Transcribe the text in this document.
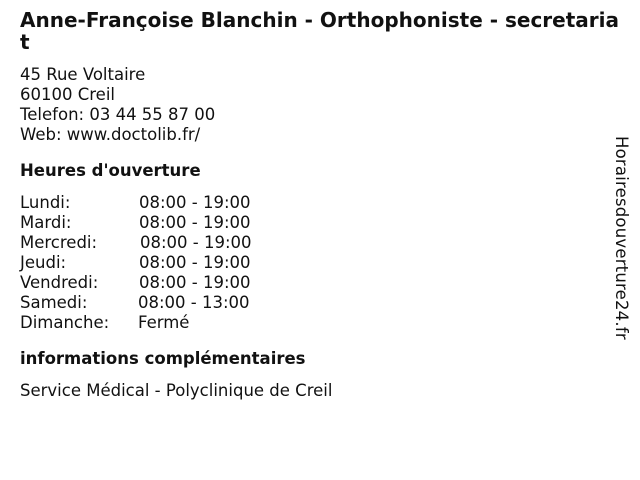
Anne-Françoise Blanchin - Orthophoniste - secretariat
45 Rue Voltaire
60100 Creil
Telefon: 03 44 55 87 00
Web: www.doctolib.fr/
Heures d'ouverture
Lundi:	08:00 - 19:00
Mardi:	08:00 - 19:00
Mercredi:	08:00 - 19:00
Jeudi:	08:00 - 19:00
Vendredi: 08:00 - 19:00
Samedi:	08:00 - 13:00
Dimanche: Fermé
informations complémentaires
Service Médical - Polyclinique de Creil
Horairesdouverture24.fr
